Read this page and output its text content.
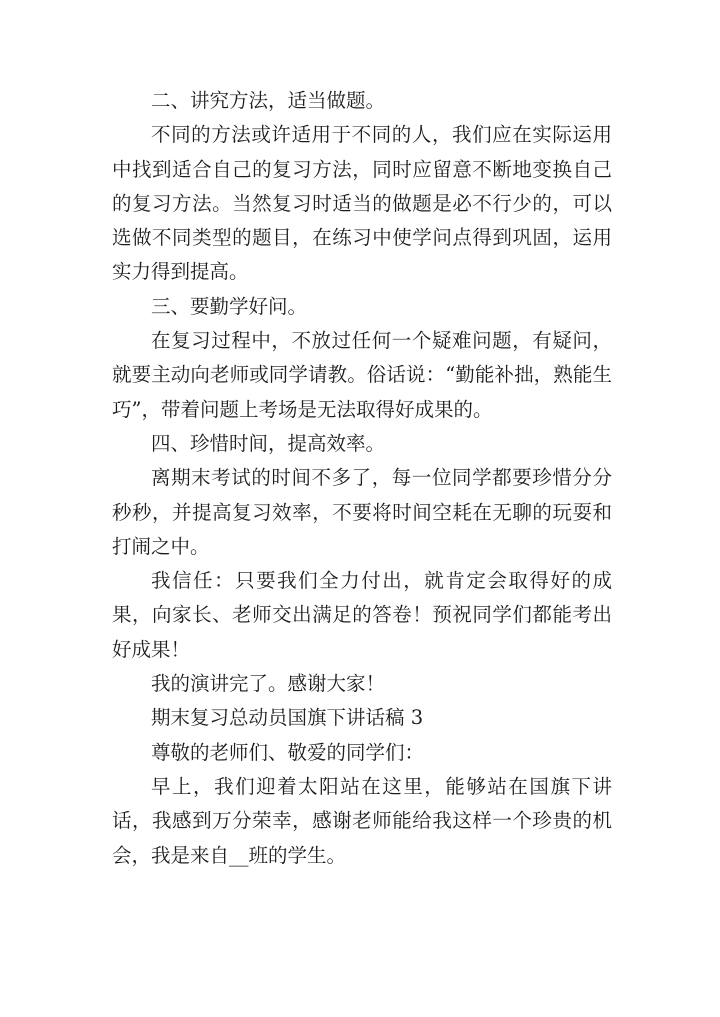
二、讲究方法，适当做题。

不同的方法或许适用于不同的人，我们应在实际运用中找到适合自己的复习方法，同时应留意不断地变换自己的复习方法。当然复习时适当的做题是必不行少的，可以选做不同类型的题目，在练习中使学问点得到巩固，运用实力得到提高。

三、要勤学好问。

在复习过程中，不放过任何一个疑难问题，有疑问，就要主动向老师或同学请教。俗话说：“勤能补拙，熟能生巧”，带着问题上考场是无法取得好成果的。

四、珍惜时间，提高效率。

离期末考试的时间不多了，每一位同学都要珍惜分分秒秒，并提高复习效率，不要将时间空耗在无聊的玩耍和打闹之中。

我信任：只要我们全力付出，就肯定会取得好的成果，向家长、老师交出满足的答卷！预祝同学们都能考出好成果！

我的演讲完了。感谢大家！

期末复习总动员国旗下讲话稿 3

尊敬的老师们、敬爱的同学们：

早上，我们迎着太阳站在这里，能够站在国旗下讲话，我感到万分荣幸，感谢老师能给我这样一个珍贵的机会，我是来自__班的学生。
